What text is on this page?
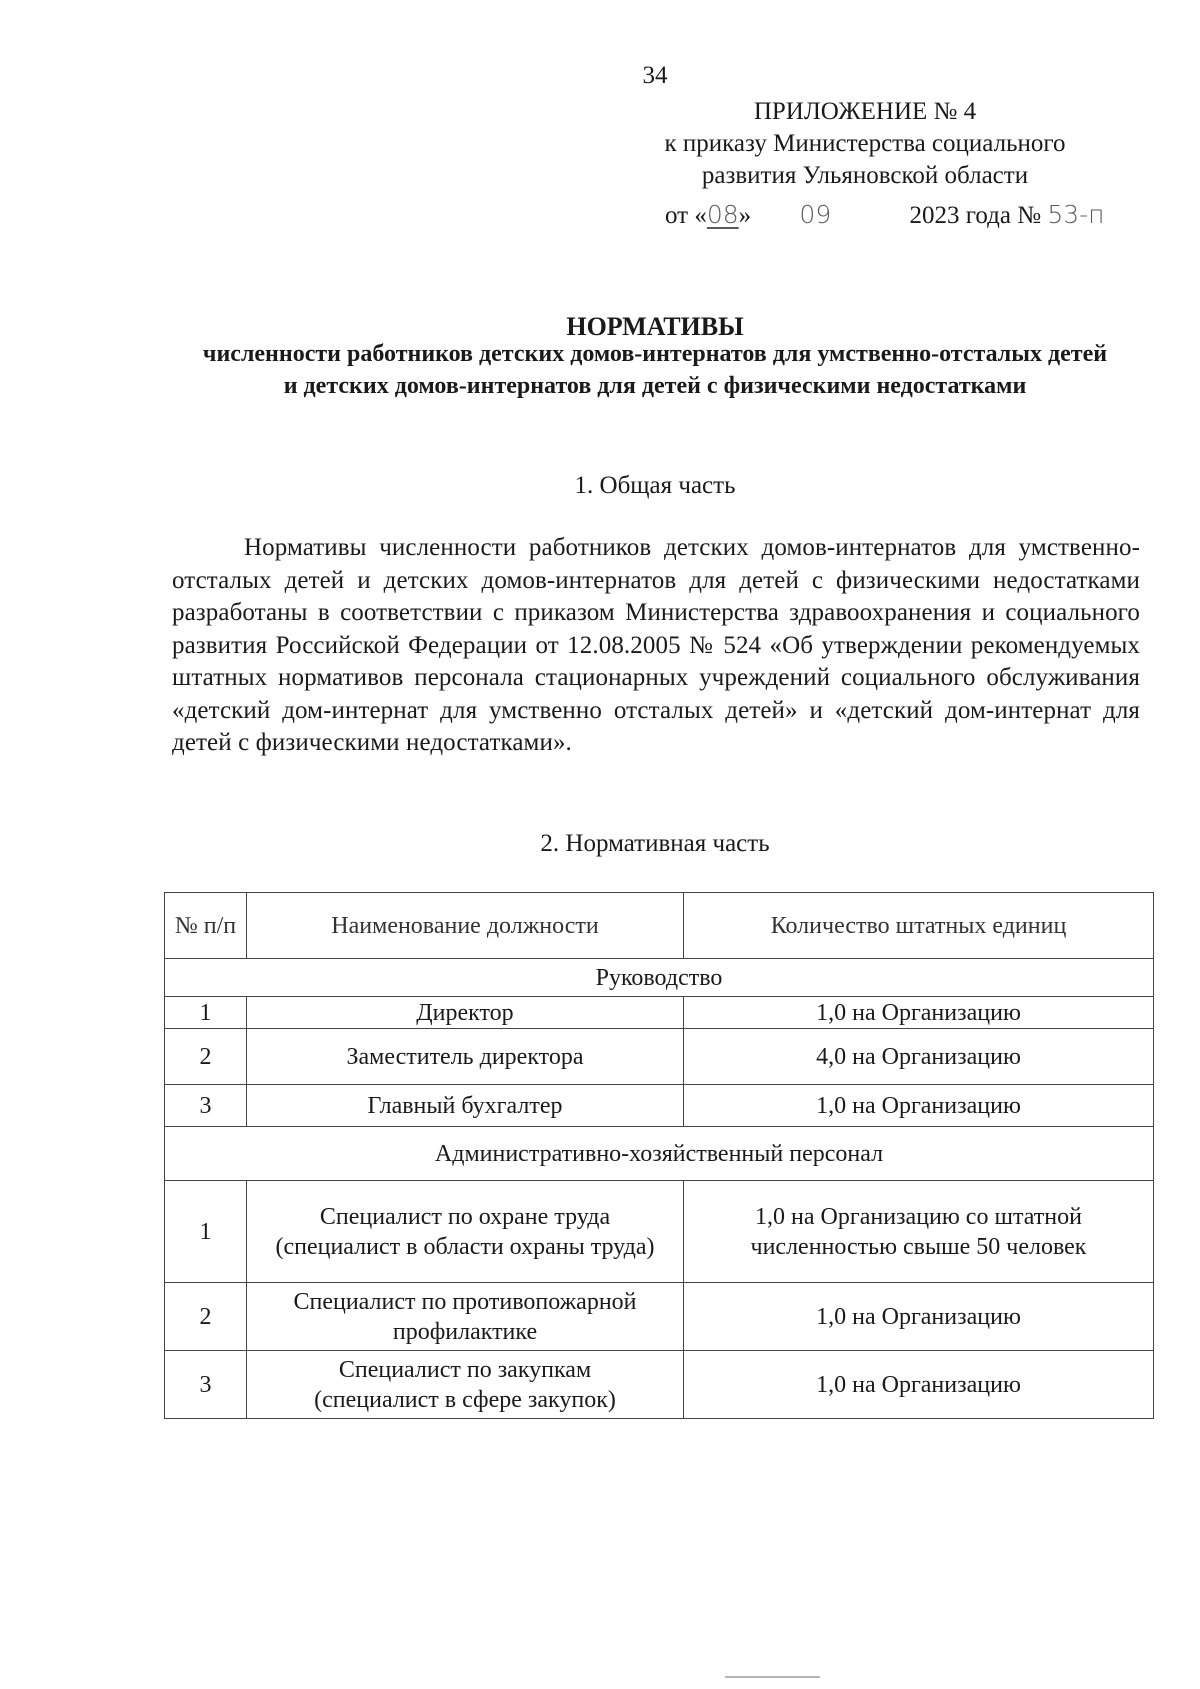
34
ПРИЛОЖЕНИЕ № 4
к приказу Министерства социального
развития Ульяновской области
от «08» 09	2023 года № 53-п
НОРМАТИВЫ
численности работников детских домов-интернатов для умственно-отсталых детей и детских домов-интернатов для детей с физическими недостатками
1. Общая часть
Нормативы численности работников детских домов-интернатов для умственно-отсталых детей и детских домов-интернатов для детей с физическими недостатками разработаны в соответствии с приказом Министерства здравоохранения и социального развития Российской Федерации от 12.08.2005 № 524 «Об утверждении рекомендуемых штатных нормативов персонала стационарных учреждений социального обслуживания «детский дом-интернат для умственно отсталых детей» и «детский дом-интернат для детей с физическими недостатками».
2. Нормативная часть
№ п/п	Наименование должности	Количество штатных единиц
Руководство		
1	Директор	1,0 на Организацию
2	Заместитель директора	4,0 на Организацию
3	Главный бухгалтер	1,0 на Организацию
Административно-хозяйственный персонал		
1	Специалист по охране труда (специалист в области охраны труда)	1,0 на Организацию со штатной численностью свыше 50 человек
2	Специалист по противопожарной профилактике	1,0 на Организацию
3	Специалист по закупкам (специалист в сфере закупок)	1,0 на Организацию
